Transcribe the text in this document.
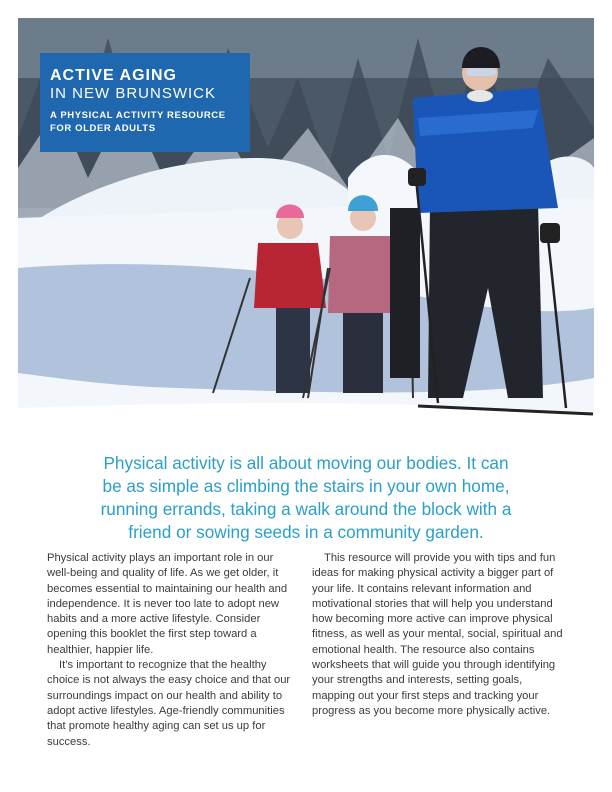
ACTIVE AGING
IN NEW BRUNSWICK
A PHYSICAL ACTIVITY RESOURCE
FOR OLDER ADULTS
Physical activity is all about moving our bodies. It can
be as simple as climbing the stairs in your own home,
running errands, taking a walk around the block with a
friend or sowing seeds in a community garden.

Physical activity plays an important role in our well-being and quality of life. As we get older, it becomes essential to maintaining our health and independence. It is never too late to adopt new habits and a more active lifestyle. Consider opening this booklet the first step toward a healthier, happier life.

It’s important to recognize that the healthy choice is not always the easy choice and that our surroundings impact on our health and ability to adopt active lifestyles. Age-friendly communities that promote healthy aging can set us up for success.

This resource will provide you with tips and fun ideas for making physical activity a bigger part of your life. It contains relevant information and motivational stories that will help you understand how becoming more active can improve physical fitness, as well as your mental, social, spiritual and emotional health. The resource also contains worksheets that will guide you through identifying your strengths and interests, setting goals, mapping out your first steps and tracking your progress as you become more physically active.
